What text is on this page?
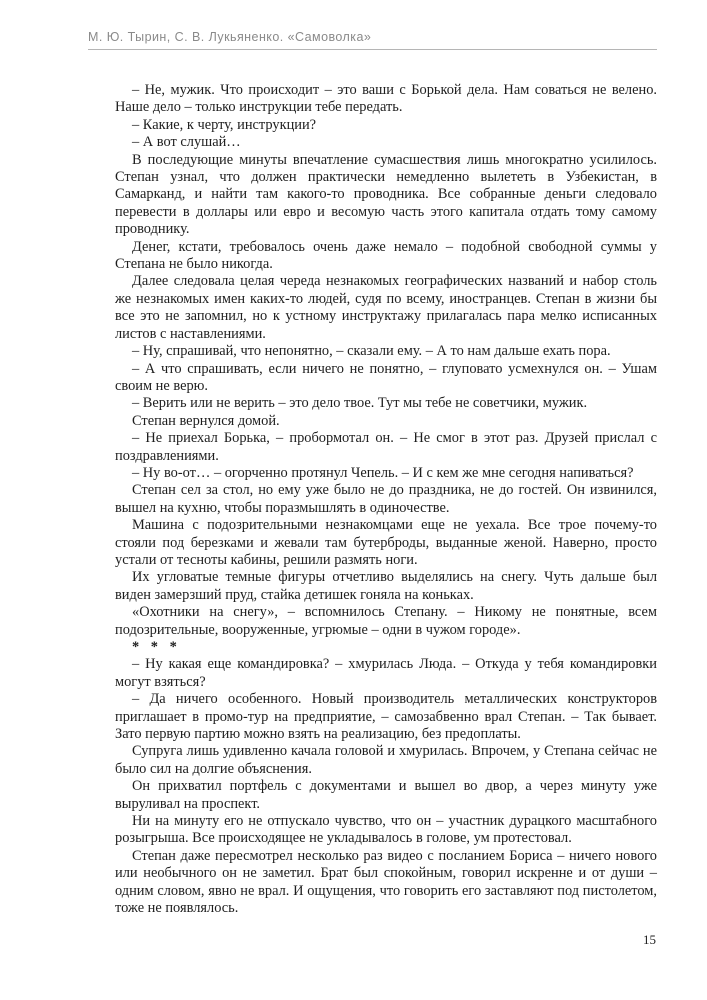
М. Ю. Тырин, С. В. Лукьяненко. «Самоволка»

– Не, мужик. Что происходит – это ваши с Борькой дела. Нам соваться не велено. Наше дело – только инструкции тебе передать.

– Какие, к черту, инструкции?

– А вот слушай…

В последующие минуты впечатление сумасшествия лишь многократно усилилось. Степан узнал, что должен практически немедленно вылететь в Узбекистан, в Самарканд, и найти там какого-то проводника. Все собранные деньги следовало перевести в доллары или евро и весомую часть этого капитала отдать тому самому проводнику.

Денег, кстати, требовалось очень даже немало – подобной свободной суммы у Степана не было никогда.

Далее следовала целая череда незнакомых географических названий и набор столь же незнакомых имен каких-то людей, судя по всему, иностранцев. Степан в жизни бы все это не запомнил, но к устному инструктажу прилагалась пара мелко исписанных листов с наставлениями.

– Ну, спрашивай, что непонятно, – сказали ему. – А то нам дальше ехать пора.

– А что спрашивать, если ничего не понятно, – глуповато усмехнулся он. – Ушам своим не верю.

– Верить или не верить – это дело твое. Тут мы тебе не советчики, мужик.

Степан вернулся домой.

– Не приехал Борька, – пробормотал он. – Не смог в этот раз. Друзей прислал с поздравлениями.

– Ну во-от… – огорченно протянул Чепель. – И с кем же мне сегодня напиваться?

Степан сел за стол, но ему уже было не до праздника, не до гостей. Он извинился, вышел на кухню, чтобы поразмышлять в одиночестве.

Машина с подозрительными незнакомцами еще не уехала. Все трое почему-то стояли под березками и жевали там бутерброды, выданные женой. Наверно, просто устали от тесноты кабины, решили размять ноги.

Их угловатые темные фигуры отчетливо выделялись на снегу. Чуть дальше был виден замерзший пруд, стайка детишек гоняла на коньках.

«Охотники на снегу», – вспомнилось Степану. – Никому не понятные, всем подозрительные, вооруженные, угрюмые – одни в чужом городе».

* * *

– Ну какая еще командировка? – хмурилась Люда. – Откуда у тебя командировки могут взяться?

– Да ничего особенного. Новый производитель металлических конструкторов приглашает в промо-тур на предприятие, – самозабвенно врал Степан. – Так бывает. Зато первую партию можно взять на реализацию, без предоплаты.

Супруга лишь удивленно качала головой и хмурилась. Впрочем, у Степана сейчас не было сил на долгие объяснения.

Он прихватил портфель с документами и вышел во двор, а через минуту уже выруливал на проспект.

Ни на минуту его не отпускало чувство, что он – участник дурацкого масштабного розыгрыша. Все происходящее не укладывалось в голове, ум протестовал.

Степан даже пересмотрел несколько раз видео с посланием Бориса – ничего нового или необычного он не заметил. Брат был спокойным, говорил искренне и от души – одним словом, явно не врал. И ощущения, что говорить его заставляют под пистолетом, тоже не появлялось.

15
